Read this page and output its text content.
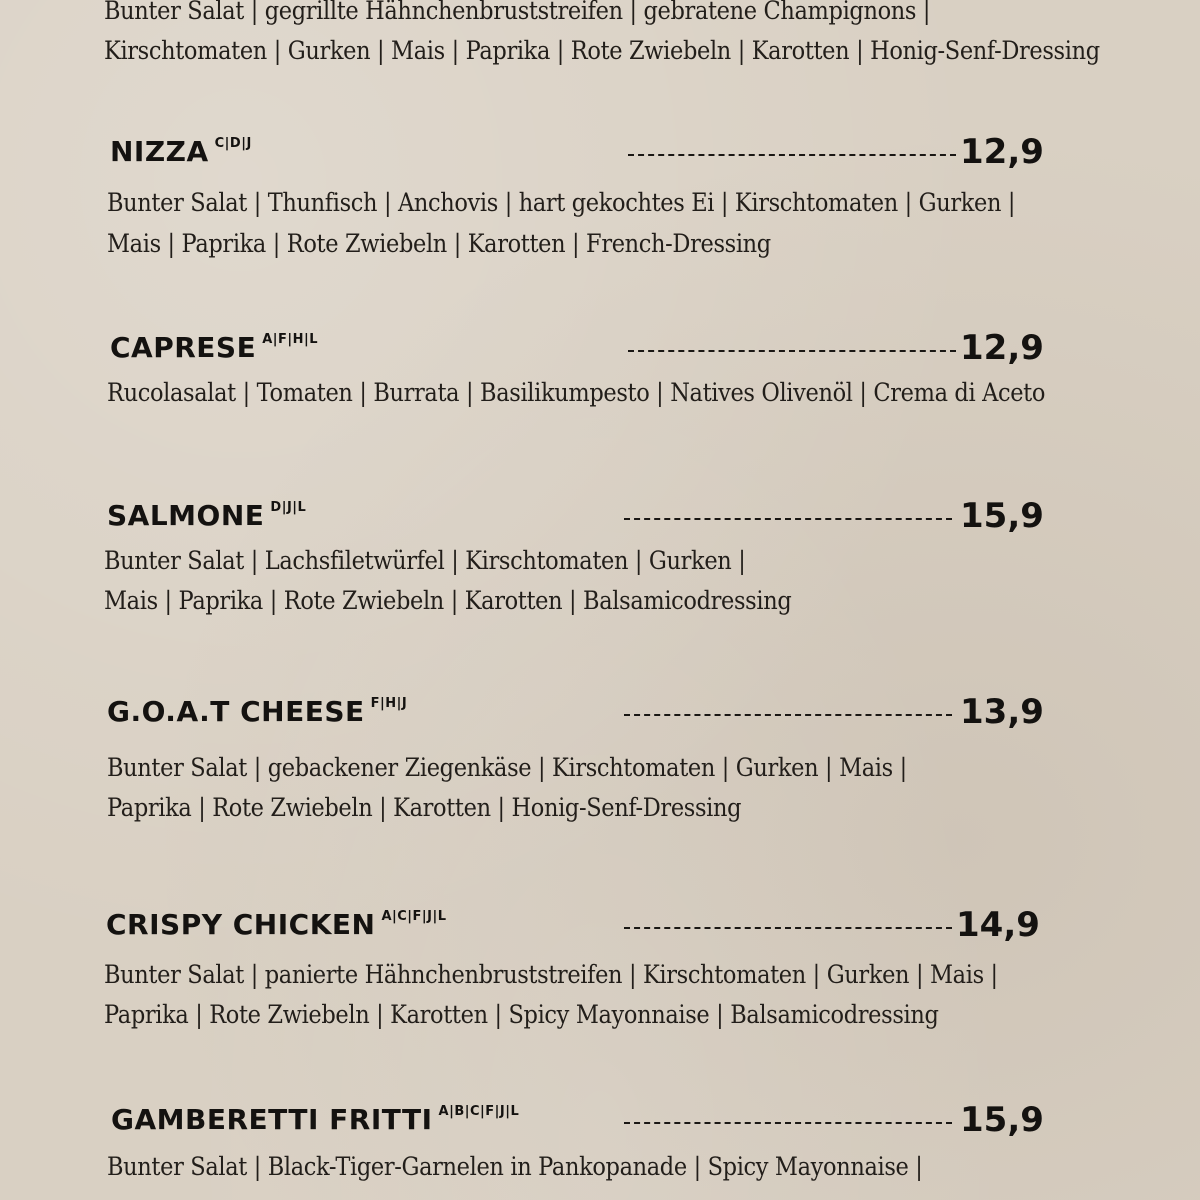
Bunter Salat | gegrillte Hähnchenbruststreifen | gebratene Champignons |
Kirschtomaten | Gurken | Mais | Paprika | Rote Zwiebeln | Karotten | Honig-Senf-Dressing
NIZZA $^{C|D|J}$	12,9
Bunter Salat | Thunfisch | Anchovis | hart gekochtes Ei | Kirschtomaten | Gurken |
Mais | Paprika | Rote Zwiebeln | Karotten | French-Dressing
CAPRESE $^{A|F|H|L}$	12,9
Rucolasalat | Tomaten | Burrata | Basilikumpesto | Natives Olivenöl | Crema di Aceto
SALMONE $^{D|J|L}$	15,9
Bunter Salat | Lachsfiletwürfel | Kirschtomaten | Gurken |
Mais | Paprika | Rote Zwiebeln | Karotten | Balsamicodressing
G.O.A.T CHEESE $^{F|H|J}$	13,9
Bunter Salat | gebackener Ziegenkäse | Kirschtomaten | Gurken | Mais |
Paprika | Rote Zwiebeln | Karotten | Honig-Senf-Dressing
CRISPY CHICKEN $^{A|C|F|J|L}$	14,9
Bunter Salat | panierte Hähnchenbruststreifen | Kirschtomaten | Gurken | Mais |
Paprika | Rote Zwiebeln | Karotten | Spicy Mayonnaise | Balsamicodressing
GAMBERETTI FRITTI $^{A|B|C|F|J|L}$	15,9
Bunter Salat | Black-Tiger-Garnelen in Pankopanade | Spicy Mayonnaise |
